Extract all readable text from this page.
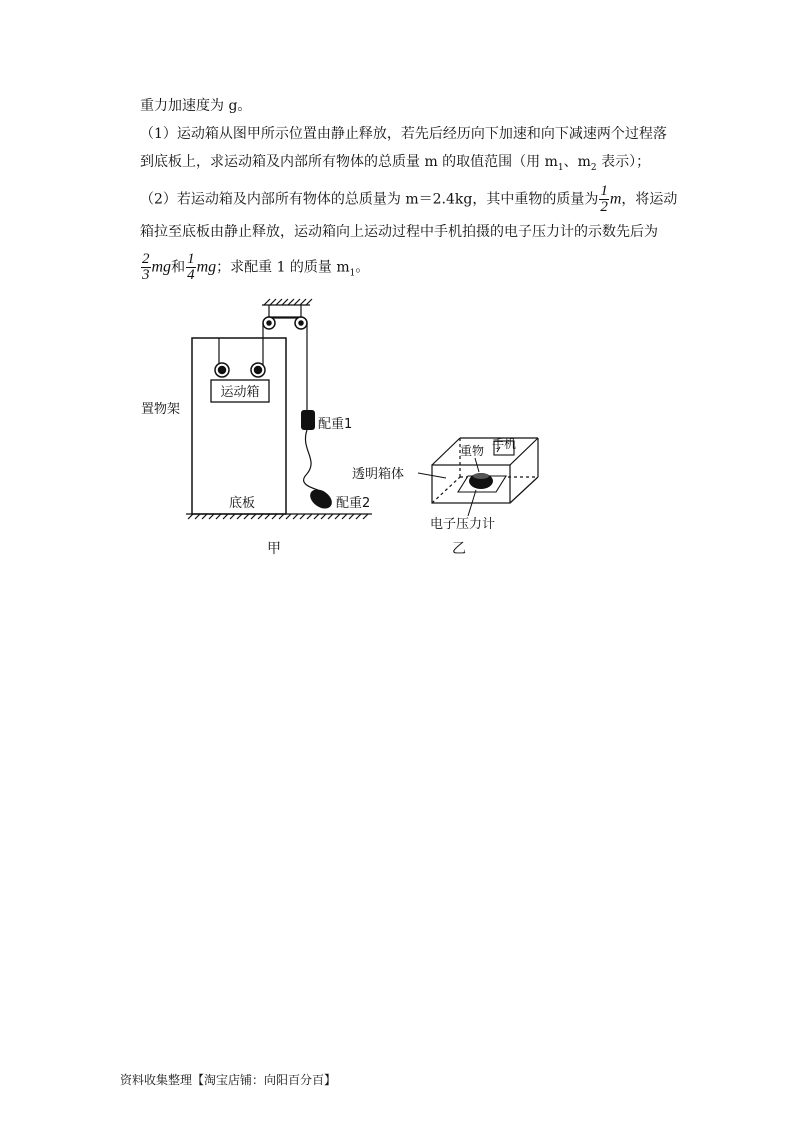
重力加速度为 g。
（1）运动箱从图甲所示位置由静止释放，若先后经历向下加速和向下减速两个过程落
到底板上，求运动箱及内部所有物体的总质量 m 的取值范围（用 $m_1$、$m_2$ 表示）；
（2）若运动箱及内部所有物体的总质量为 m＝2.4kg，其中重物的质量为 $\frac{1}{2}$ m，将运动
箱拉至底板由静止释放，运动箱向上运动过程中手机拍摄的电子压力计的示数先后为
$\frac{2}{3}$ mg和 $\frac{1}{4}$ mg；求配重 1 的质量 $m_1$。
运动箱
配重1
配重2
置物架
底板
甲
重物 手机
透明箱体
电子压力计
乙
资料收集整理【淘宝店铺：向阳百分百】
